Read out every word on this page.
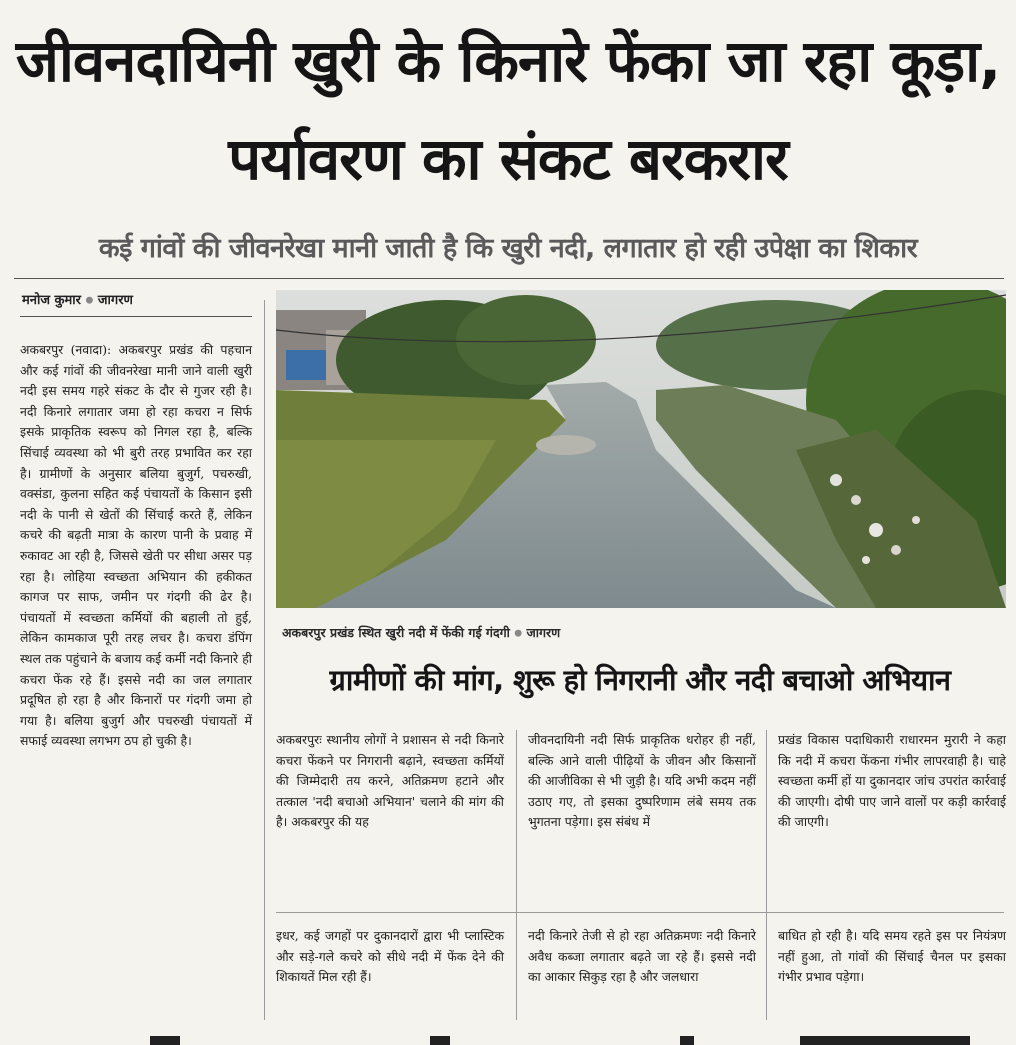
जीवनदायिनी खुरी के किनारे फेंका जा रहा कूड़ा, पर्यावरण का संकट बरकरार
कई गांवों की जीवनरेखा मानी जाती है कि खुरी नदी, लगातार हो रही उपेक्षा का शिकार
मनोज कुमार ● जागरण
अकबरपुर (नवादा): अकबरपुर प्रखंड की पहचान और कई गांवों की जीवनरेखा मानी जाने वाली खुरी नदी इस समय गहरे संकट के दौर से गुजर रही है। नदी किनारे लगातार जमा हो रहा कचरा न सिर्फ इसके प्राकृतिक स्वरूप को निगल रहा है, बल्कि सिंचाई व्यवस्था को भी बुरी तरह प्रभावित कर रहा है। ग्रामीणों के अनुसार बलिया बुजुर्ग, पचरुखी, वक्संडा, कुलना सहित कई पंचायतों के किसान इसी नदी के पानी से खेतों की सिंचाई करते हैं, लेकिन कचरे की बढ़ती मात्रा के कारण पानी के प्रवाह में रुकावट आ रही है, जिससे खेती पर सीधा असर पड़ रहा है। लोहिया स्वच्छता अभियान की हकीकत कागज पर साफ, जमीन पर गंदगी की ढेर है। पंचायतों में स्वच्छता कर्मियों की बहाली तो हुई, लेकिन कामकाज पूरी तरह लचर है। कचरा डंपिंग स्थल तक पहुंचाने के बजाय कई कर्मी नदी किनारे ही कचरा फेंक रहे हैं। इससे नदी का जल लगातार प्रदूषित हो रहा है और किनारों पर गंदगी जमा हो गया है। बलिया बुजुर्ग और पचरुखी पंचायतों में सफाई व्यवस्था लगभग ठप हो चुकी है।
अकबरपुर प्रखंड स्थित खुरी नदी में फेंकी गई गंदगी ● जागरण
ग्रामीणों की मांग, शुरू हो निगरानी और नदी बचाओ अभियान
अकबरपुरः स्थानीय लोगों ने प्रशासन से नदी किनारे कचरा फेंकने पर निगरानी बढ़ाने, स्वच्छता कर्मियों की जिम्मेदारी तय करने, अतिक्रमण हटाने और तत्काल 'नदी बचाओ अभियान' चलाने की मांग की है। अकबरपुर की यह
जीवनदायिनी नदी सिर्फ प्राकृतिक धरोहर ही नहीं, बल्कि आने वाली पीढ़ियों के जीवन और किसानों की आजीविका से भी जुड़ी है। यदि अभी कदम नहीं उठाए गए, तो इसका दुष्परिणाम लंबे समय तक भुगतना पड़ेगा। इस संबंध में
प्रखंड विकास पदाधिकारी राधारमन मुरारी ने कहा कि नदी में कचरा फेंकना गंभीर लापरवाही है। चाहे स्वच्छता कर्मी हों या दुकानदार जांच उपरांत कार्रवाई की जाएगी। दोषी पाए जाने वालों पर कड़ी कार्रवाई की जाएगी।
इधर, कई जगहों पर दुकानदारों द्वारा भी प्लास्टिक और सड़े-गले कचरे को सीधे नदी में फेंक देने की शिकायतें मिल रही हैं।
नदी किनारे तेजी से हो रहा अतिक्रमणः नदी किनारे अवैध कब्जा लगातार बढ़ते जा रहे हैं। इससे नदी का आकार सिकुड़ रहा है और जलधारा
बाधित हो रही है। यदि समय रहते इस पर नियंत्रण नहीं हुआ, तो गांवों की सिंचाई चैनल पर इसका गंभीर प्रभाव पड़ेगा।
